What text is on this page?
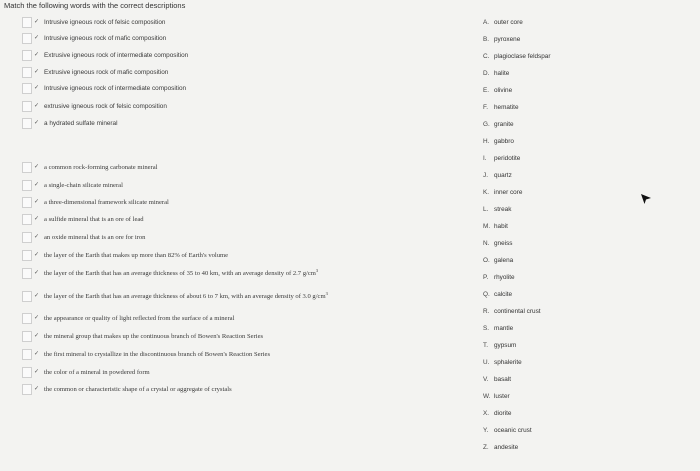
Match the following words with the correct descriptions
✓ Intrusive igneous rock of felsic composition
✓ Intrusive igneous rock of mafic composition
✓ Extrusive igneous rock of intermediate composition
✓ Extrusive igneous rock of mafic composition
✓ Intrusive igneous rock of intermediate composition
✓ extrusive igneous rock of felsic composition
✓ a hydrated sulfate mineral
✓ a common rock-forming carbonate mineral
✓ a single-chain silicate mineral
✓ a three-dimensional framework silicate mineral
✓ a sulfide mineral that is an ore of lead
✓ an oxide mineral that is an ore for iron
✓ the layer of the Earth that makes up more than 82% of Earth's volume
✓ the layer of the Earth that has an average thickness of 35 to 40 km, with an average density of 2.7 $g/cm^3$
✓ the layer of the Earth that has an average thickness of about 6 to 7 km, with an average density of 3.0 $g/cm^3$
✓ the appearance or quality of light reflected from the surface of a mineral
✓ the mineral group that makes up the continuous branch of Bowen's Reaction Series
✓ the first mineral to crystallize in the discontinuous branch of Bowen's Reaction Series
✓ the color of a mineral in powdered form
✓ the common or characteristic shape of a crystal or aggregate of crystals
A. outer core
B. pyroxene
C. plagioclase feldspar
D. halite
E. olivine
F. hematite
G. granite
H. gabbro
I.	peridotite
J. quartz
K. inner core
L. streak
M. habit
N. gneiss
O. galena
P. rhyolite
Q. calcite
R. continental crust
S. mantle
T. gypsum
U. sphalerite
V. basalt
W. luster
X. diorite
Y. oceanic crust
Z. andesite
